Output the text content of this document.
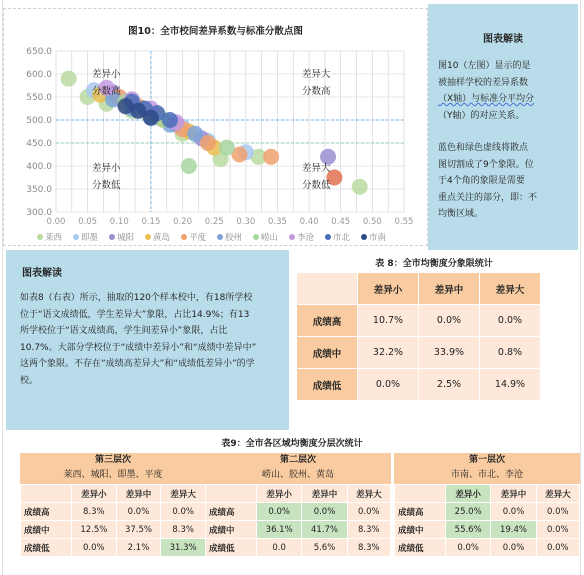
300.0
350.0
400.0
450.0
500.0
550.0
600.0
650.0
0.00 0.05 0.10 0.15 0.20 0.25 0.30 0.35 0.40 0.45 0.50 0.55
差异小
分数高
差异大
分数高
差异小
分数低
差异大
分数低
莱西 即墨 城阳 黄岛 平度 胶州 崂山 李沧 市北 市南
图10：全市校间差异系数与标准分散点图
图表解读
图10（左图）显示的是
被抽样学校的差异系数
（X轴）与标准分平均分
（Y轴）的对应关系。
蓝色和绿色虚线将散点
图切割成了9个象限。位
于4个角的象限是需要
重点关注的部分，即：不
均衡区域。
图表解读
如表8（右表）所示，抽取的120个样本校中，有18所学校
位于“语文成绩低，学生差异大”象限，占比14.9%；有13
所学校位于“语文成绩高，学生间差异小”象限，占比
10.7%。大部分学校位于“成绩中差异小”和“成绩中差异中”
这两个象限。不存在“成绩高差异大”和“成绩低差异小”的学
校。
表 8：全市均衡度分象限统计
	差异小	差异中	差异大
成绩高	10.7%	0.0%	0.0%
成绩中	32.2%	33.9%	0.8%
成绩低	0.0%	2.5%	14.9%
表9：全市各区域均衡度分层次统计
第三层次
莱西、城阳、即墨、平度
	差异小	差异中	差异大
成绩高	8.3%	0.0%	0.0%
成绩中	12.5%	37.5%	8.3%
成绩低	0.0%	2.1%	31.3%
第二层次
崂山、胶州、黄岛
	差异小	差异中	差异大
成绩高	0.0%	0.0%	0.0%
成绩中	36.1%	41.7%	8.3%
成绩低	0.0	5.6%	8.3%
第一层次
市南、市北、李沧
	差异小	差异中	差异大
成绩高	25.0%	0.0%	0.0%
成绩中	55.6%	19.4%	0.0%
成绩低	0.0%	0.0%	0.0%
